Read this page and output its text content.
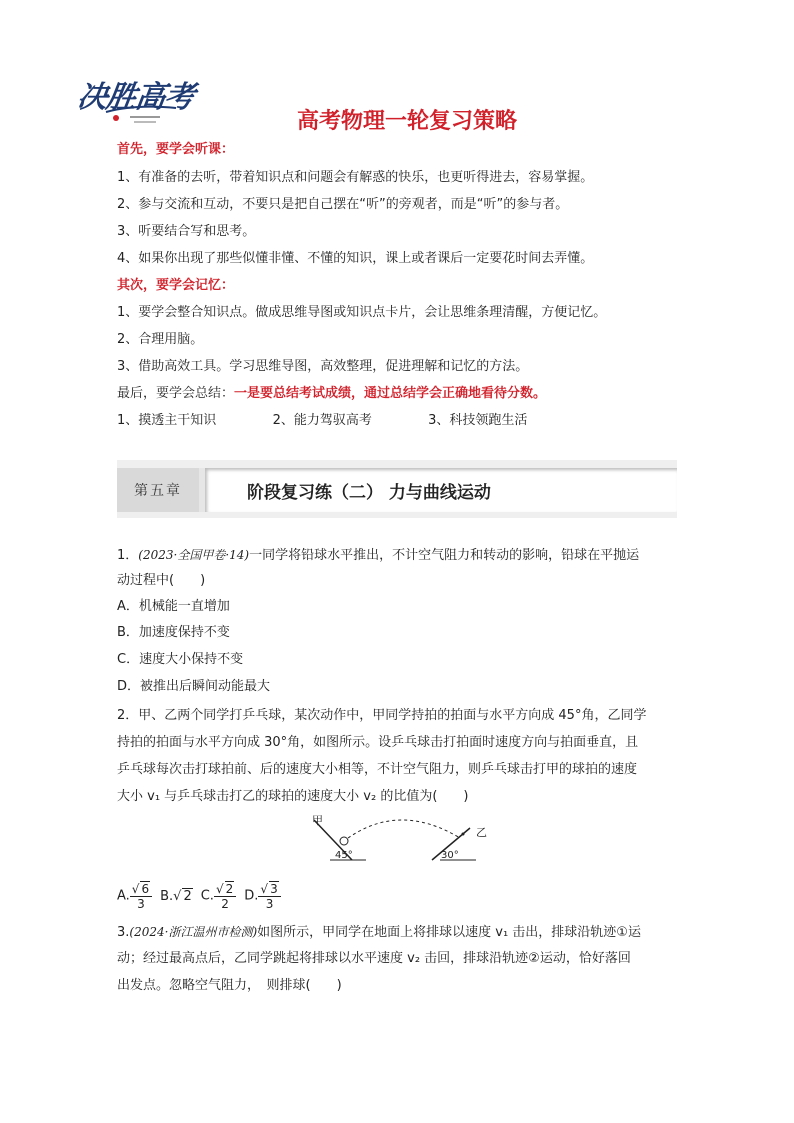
决胜高考
高考物理一轮复习策略
首先，要学会听课：
1、有准备的去听，带着知识点和问题会有解惑的快乐，也更听得进去，容易掌握。
2、参与交流和互动，不要只是把自己摆在“听”的旁观者，而是“听”的参与者。
3、听要结合写和思考。
4、如果你出现了那些似懂非懂、不懂的知识，课上或者课后一定要花时间去弄懂。
其次，要学会记忆：
1、要学会整合知识点。做成思维导图或知识点卡片，会让思维条理清醒，方便记忆。
2、合理用脑。
3、借助高效工具。学习思维导图，高效整理，促进理解和记忆的方法。
最后，要学会总结：一是要总结考试成绩，通过总结学会正确地看待分数。
1、摸透主干知识	2、能力驾驭高考	3、科技领跑生活
第五章	阶段复习练（二） 力与曲线运动
1．(2023·全国甲卷·14)一同学将铅球水平推出，不计空气阻力和转动的影响，铅球在平抛运
动过程中(　　)
A．机械能一直增加
B．加速度保持不变
C．速度大小保持不变
D．被推出后瞬间动能最大
2．甲、乙两个同学打乒乓球，某次动作中，甲同学持拍的拍面与水平方向成 45°角，乙同学
持拍的拍面与水平方向成 30°角，如图所示。设乒乓球击打拍面时速度方向与拍面垂直，且
乒乓球每次击打球拍前、后的速度大小相等，不计空气阻力，则乒乓球击打甲的球拍的速度
大小 v₁ 与乒乓球击打乙的球拍的速度大小 v₂ 的比值为(　　)
甲
45°
乙
30°
A. $\frac{√ 6}{3} B.√$ 2 C. $\frac{√ 2}{2} D$. $\frac{√ 3}{3}$
3.(2024·浙江温州市检测)如图所示，甲同学在地面上将排球以速度 v₁ 击出，排球沿轨迹①运
动；经过最高点后，乙同学跳起将排球以水平速度 v₂ 击回，排球沿轨迹②运动，恰好落回
出发点。忽略空气阻力，　则排球(　　)
